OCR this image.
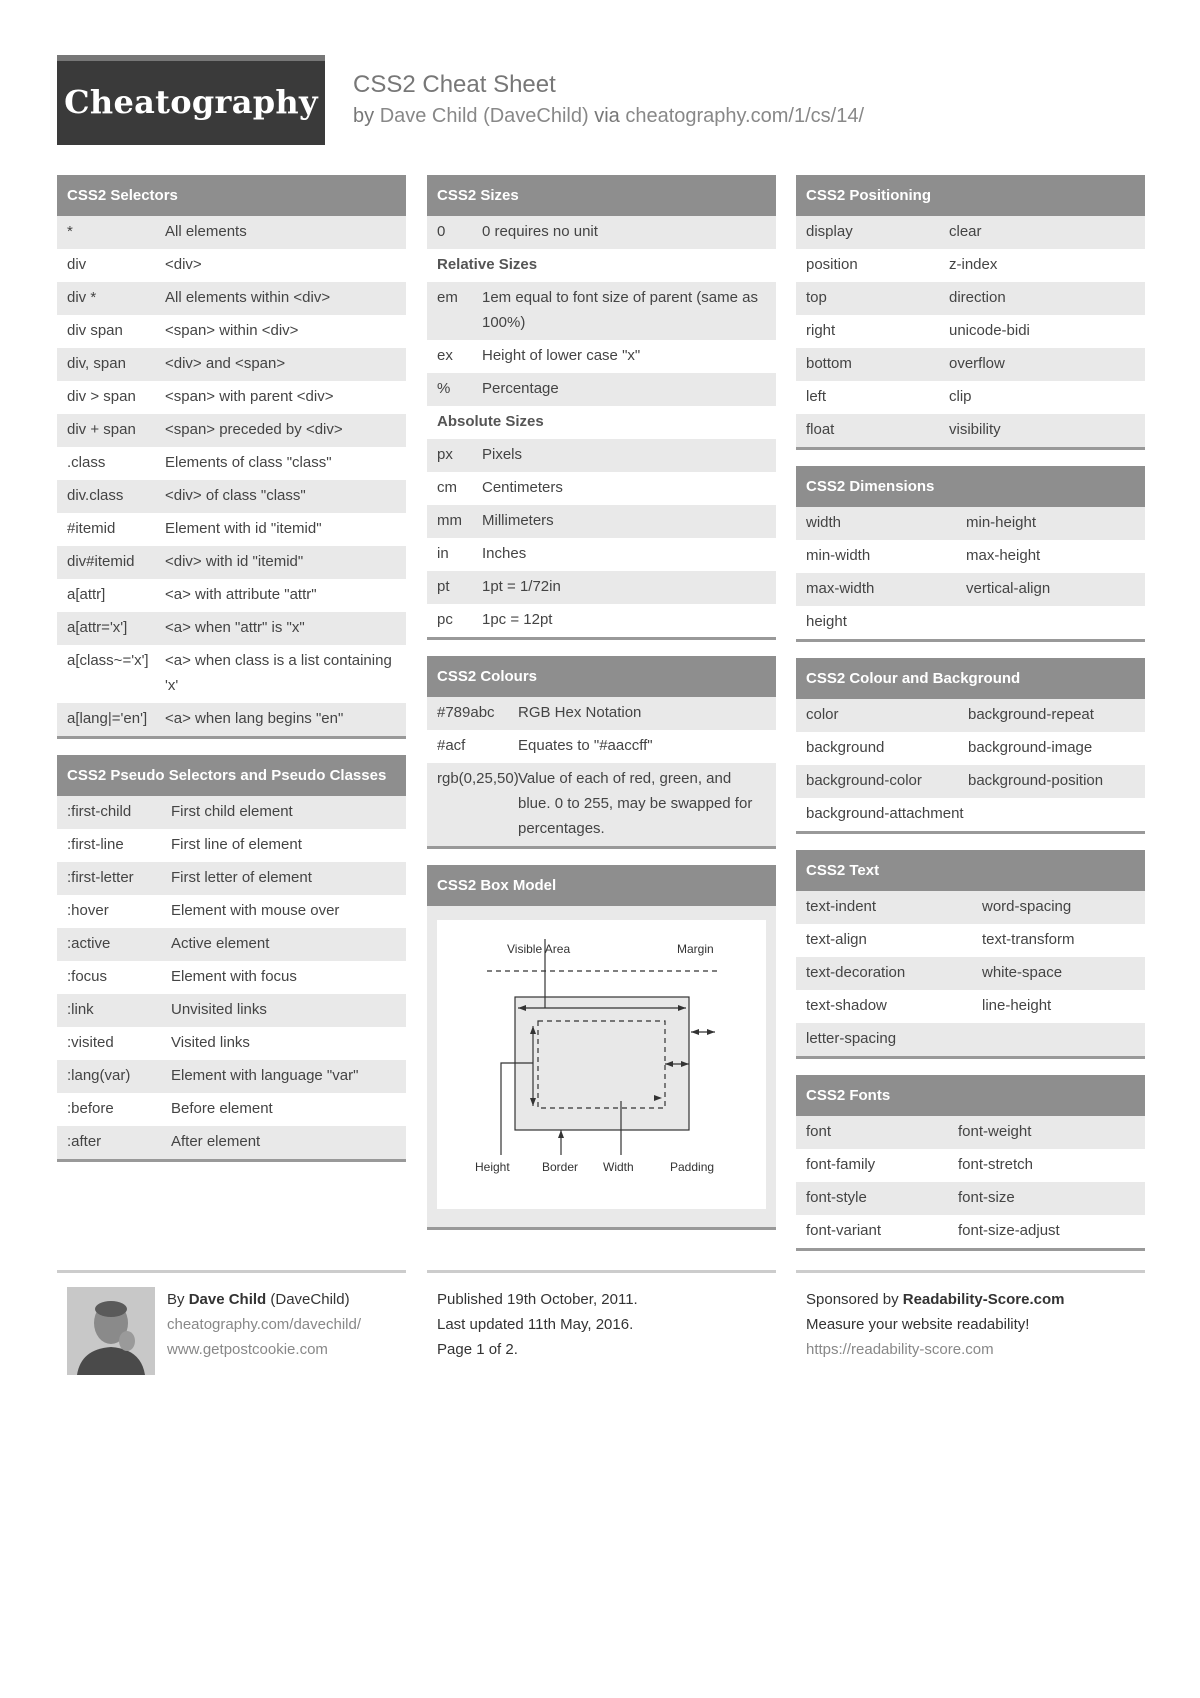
Cheatography CSS2 Cheat Sheet
by Dave Child (DaveChild) via cheatography.com/1/cs/14/
CSS2 Selectors
*	All elements
div	<div>
div *	All elements within <div>
div span	<span> within <div>
div, span	<div> and <span>
div > span	<span> with parent <div>
div + span	<span> preceded by <div>
.class	Elements of class "class"
div.class	<div> of class "class"
#itemid	Element with id "itemid"
div#itemid	<div> with id "itemid"
a[attr]	<a> with attribute "attr"
a[attr='x']	<a> when "attr" is "x"
a[class~='x']	<a> when class is a list containing 'x'
a[lang|='en']	<a> when lang begins "en"
CSS2 Pseudo Selectors and Pseudo Classes
:first-child	First child element
:first-line	First line of element
:first-letter	First letter of element
:hover	Element with mouse over
:active	Active element
:focus	Element with focus
:link	Unvisited links
:visited	Visited links
:lang(var)	Element with language "var"
:before	Before element
:after	After element
CSS2 Sizes
0	0 requires no unit
Relative Sizes
em	1em equal to font size of parent (same as 100%)
ex	Height of lower case "x"
%	Percentage
Absolute Sizes
px	Pixels
cm	Centimeters
mm	Millimeters
in	Inches
pt	1pt = 1/72in
pc	1pc = 12pt
CSS2 Colours
#789abc	RGB Hex Notation
#acf	Equates to "#aaccff"
rgb(0,25,50) Value of each of red, green, and blue. 0 to 255, may be swapped for percentages.
CSS2 Box Model
Visible Area	Margin
Height	Border Width	Padding
CSS2 Positioning
display	clear
position	z-index
top	direction
right	unicode-bidi
bottom	overflow
left	clip
float	visibility
CSS2 Dimensions
width	min-height
min-width	max-height
max-width	vertical-align
height
CSS2 Colour and Background
color	background-repeat
background	background-image
background-color	background-position
background-attachment
CSS2 Text
text-indent	word-spacing
text-align	text-transform
text-decoration	white-space
text-shadow	line-height
letter-spacing
CSS2 Fonts
font	font-weight
font-family	font-stretch
font-style	font-size
font-variant	font-size-adjust
By Dave Child (DaveChild)
cheatography.com/davechild/
www.getpostcookie.com
Published 19th October, 2011.
Last updated 11th May, 2016.
Page 1 of 2.
Sponsored by Readability-Score.com
Measure your website readability!
https://readability-score.com
